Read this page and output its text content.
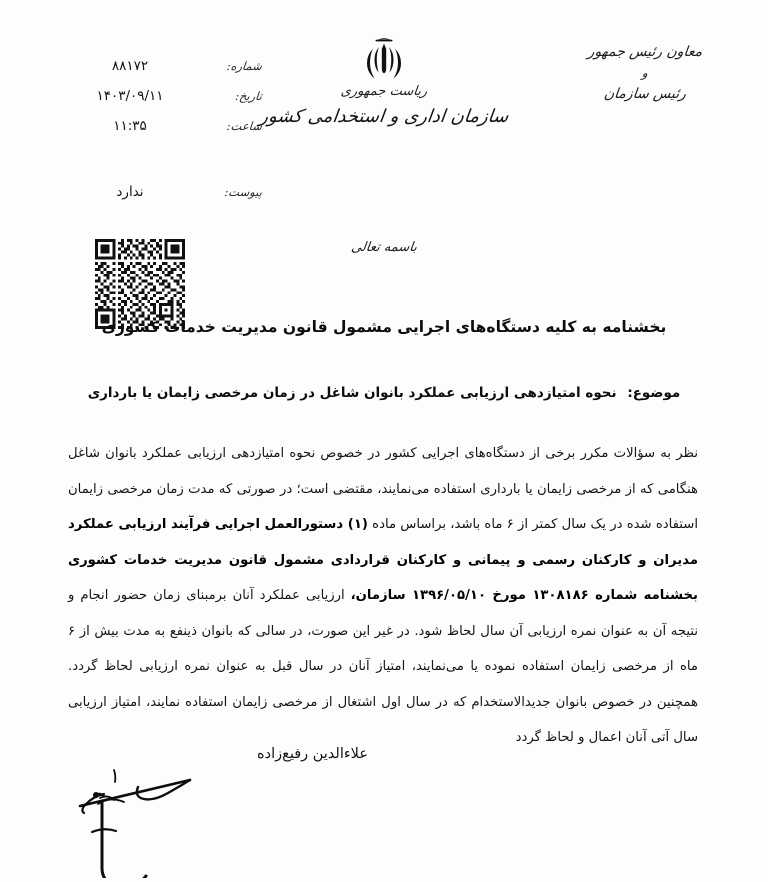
شماره:
۸۸۱۷۲
تاریخ:
۱۴۰۳/۰۹/۱۱
ساعت:
۱۱:۳۵
پیوست:
ندارد
ریاست جمهوری
سازمان اداری و استخدامی کشور
معاون رئیس جمهور
و
رئیس سازمان
باسمه تعالی
بخشنامه به کلیه دستگاه‌های اجرایی مشمول قانون مدیریت خدمات کشوری
موضوع: نحوه امتیازدهی ارزیابی عملکرد بانوان شاغل در زمان مرخصی زایمان یا بارداری

نظر به سؤالات مکرر برخی از دستگاه‌های اجرایی کشور در خصوص نحوه امتیازدهی ارزیابی عملکرد بانوان شاغل هنگامی که از مرخصی زایمان یا بارداری استفاده می‌نمایند، مقتضی است؛ در صورتی که مدت زمان مرخصی زایمان استفاده شده در یک سال کمتر از ۶ ماه باشد، براساس ماده (۱) دستورالعمل اجرایی فرآیند ارزیابی عملکرد مدیران و کارکنان رسمی و پیمانی و کارکنان قراردادی مشمول قانون مدیریت خدمات کشوری بخشنامه شماره ۱۳۰۸۱۸۶ مورخ ۱۳۹۶/۰۵/۱۰ سازمان، ارزیابی عملکرد آنان برمبنای زمان حضور انجام و نتیجه آن به عنوان نمره ارزیابی آن سال لحاظ شود. در غیر این صورت، در سالی که بانوان ذینفع به مدت بیش از ۶ ماه از مرخصی زایمان استفاده نموده یا می‌نمایند، امتیاز آنان در سال قبل به عنوان نمره ارزیابی لحاظ گردد. همچنین در خصوص بانوان جدیدالاستخدام که در سال اول اشتغال از مرخصی زایمان استفاده نمایند، امتیاز ارزیابی سال آتی آنان اعمال و لحاظ گردد

علاءالدین رفیع‌زاده
